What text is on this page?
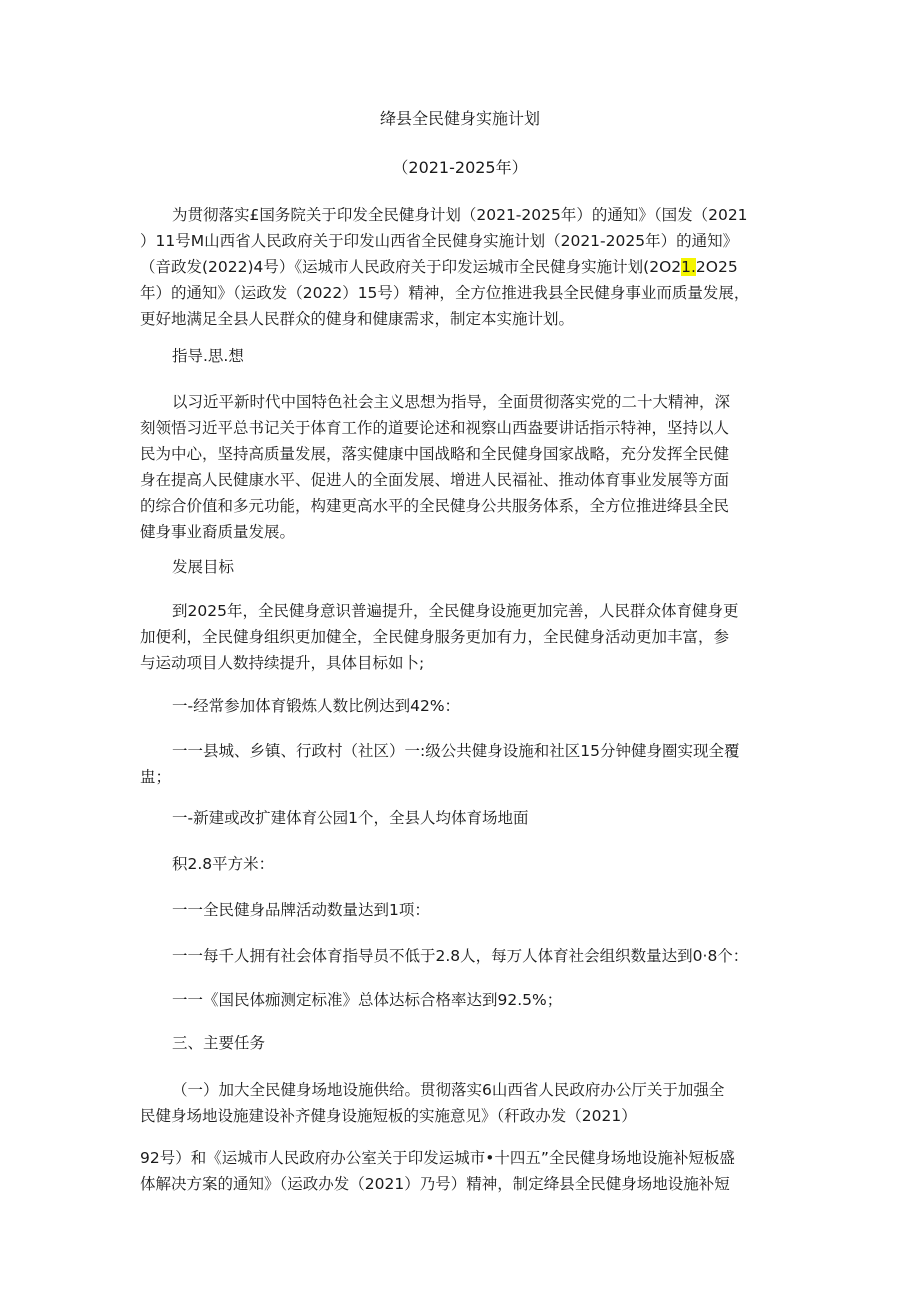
绛县全民健身实施计划
（2021-2025年）
为贯彻落实£国务院关于印发全民健身计划（2021-2025年）的通知》（国发（2021
）11号M山西省人民政府关于印发山西省全民健身实施计划（2021-2025年）的通知》
（音政发(2022)4号）《运城市人民政府关于印发运城市全民健身实施计划(2O21.2O25
年）的通知》（运政发（2022）15号）精神，全方位推进我县全民健身事业而质量发展，
更好地满足全县人民群众的健身和健康需求，制定本实施计划。
指导.思.想
以习近平新时代中国特色社会主义思想为指导，全面贯彻落实党的二十大精神，深
刻领悟习近平总书记关于体育工作的道要论述和视察山西盎要讲话指示特神，坚持以人
民为中心，坚持高质量发展，落实健康中国战略和全民健身国家战略，充分发挥全民健
身在提高人民健康水平、促进人的全面发展、增进人民福祉、推动体育事业发展等方面
的综合价值和多元功能，构建更高水平的全民健身公共服务体系，全方位推进绛县全民
健身事业裔质量发展。
发展目标
到2025年，全民健身意识普遍提升，全民健身设施更加完善，人民群众体育健身更
加便利，全民健身组织更加健全，全民健身服务更加有力，全民健身活动更加丰富，参
与运动项目人数持续提升，具体目标如卜;
一-经常参加体育锻炼人数比例达到42%：
一一县城、乡镇、行政村（社区）一:级公共健身设施和社区15分钟健身圈实现全覆
盅；
一-新建或改扩建体育公园1个，全县人均体育场地面
积2.8平方米：
一一全民健身品牌活动数量达到1项：
一一每千人拥有社会体育指导员不低于2.8人，每万人体育社会组织数量达到0·8个：
一一《国民体痂测定标准》总体达标合格率达到92.5%；
三、主要任务
（一）加大全民健身场地设施供给。贯彻落实6山西省人民政府办公厅关于加强全
民健身场地设施建设补齐健身设施短板的实施意见》（秆政办发（2021）
92号）和《运城市人民政府办公室关于印发运城市•十四五”全民健身场地设施补短板盛
体解决方案的通知》（运政办发（2021）乃号）精神，制定绛县全民健身场地设施补短
